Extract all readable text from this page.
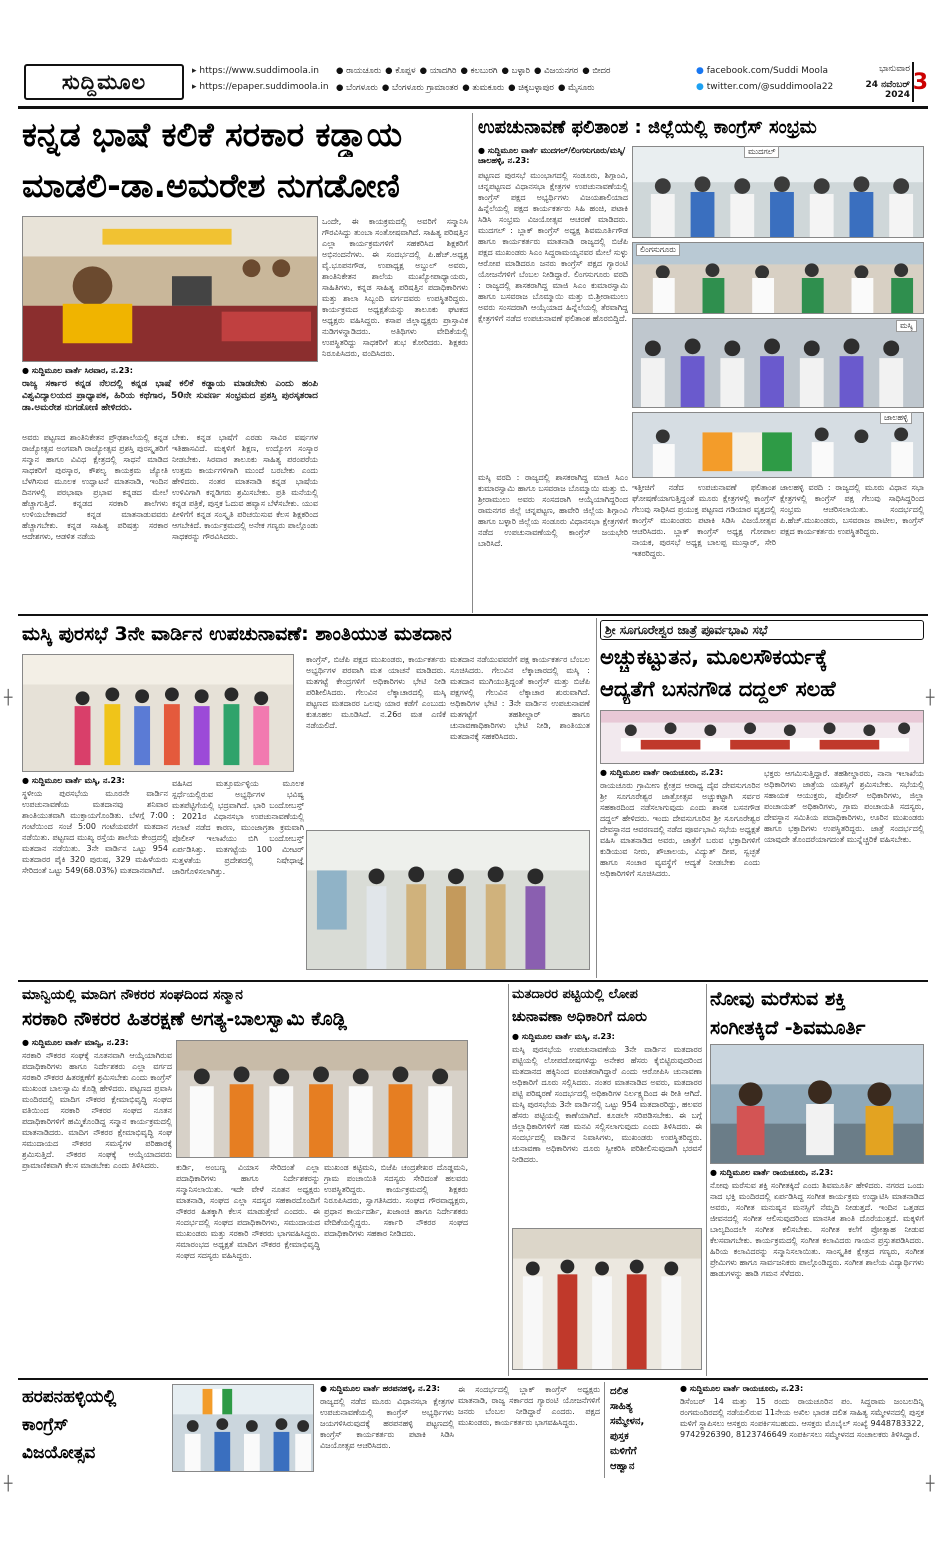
ಸುದ್ದಿಮೂಲ	▸ https://www.suddimoola.in
▸ https://epaper.suddimoola.in
● ರಾಯಚೂರು ● ಕೊಪ್ಪಳ ● ಯಾದಗಿರಿ ● ಕಲಬುರಗಿ ● ಬಳ್ಳಾರಿ ● ವಿಜಯನಗರ ● ಬೀದರ
● ಬೆಂಗಳೂರು ● ಬೆಂಗಳೂರು ಗ್ರಾಮಾಂತರ ● ತುಮಕೂರು ● ಚಿಕ್ಕಬಳ್ಳಾಪುರ ● ಮೈಸೂರು
● facebook.com/Suddi Moola
● twitter.com/@suddimoola22
ಭಾನುವಾರ
24 ನವೆಂಬರ್ 2024
3
ಕನ್ನಡ ಭಾಷೆ ಕಲಿಕೆ ಸರಕಾರ ಕಡ್ಡಾಯ
ಮಾಡಲಿ-ಡಾ.ಅಮರೇಶ ನುಗಡೋಣಿ
● ಸುದ್ದಿಮೂಲ ವಾರ್ತೆ ಸಿರವಾರ, ನ.23:
ರಾಜ್ಯ ಸರ್ಕಾರ ಕನ್ನಡ ನೆಲದಲ್ಲಿ ಕನ್ನಡ ಭಾಷೆ ಕಲಿಕೆ ಕಡ್ಡಾಯ ಮಾಡಬೇಕು ಎಂದು ಹಂಪಿ ವಿಶ್ವವಿದ್ಯಾಲಯದ ಪ್ರಾಧ್ಯಾಪಕ, ಹಿರಿಯ ಕಥೆಗಾರ, 50ನೇ ಸುವರ್ಣ ಸಂಭ್ರಮದ ಪ್ರಶಸ್ತಿ ಪುರಸ್ಕತರಾದ ಡಾ.ಅಮರೇಶ ನುಗಡೋಣಿ ಹೇಳಿದರು.
ಅವರು ಪಟ್ಟಣದ ಶಾಂತಿನಿಕೇತನ ಪ್ರೌಢಶಾಲೆಯಲ್ಲಿ ಕನ್ನಡ ರಾಜ್ಯೋತ್ಸವ ಅಂಗವಾಗಿ ರಾಜ್ಯೋತ್ಸವ ಪ್ರಶಸ್ತಿ ಪುರಸ್ಕೃತರಿಗೆ ಸನ್ಮಾನ ಹಾಗೂ ವಿವಿಧ ಕ್ಷೇತ್ರದಲ್ಲಿ ಸಾಧನೆ ಮಾಡಿದ ಸಾಧಕರಿಗೆ ಪುರಸ್ಕಾರ, ಕೌಶಲ್ಯ ಕಾಯಕ್ರಮ ಜ್ಯೋತಿ ಬೆಳಗಿಸುವ ಮೂಲಕ ಉದ್ಘಾಟನೆ ಮಾತನಾಡಿ, ಇಂದಿನ ದಿನಗಳಲ್ಲಿ ಪರಭಾಷಾ ಪ್ರಭಾವ ಕನ್ನಡದ ಮೇಲೆ ಹೆಚ್ಚಾಗುತ್ತಿದೆ. ಕನ್ನಡದ ಸರಕಾರಿ ಶಾಲೆಗಳು ಉಳಿಯಬೇಕಾದರೆ ಕನ್ನಡ ಮಾತನಾಡುವವರು ಹೆಚ್ಚಾಗಬೇಕು. ಕನ್ನಡ ಸಾಹಿತ್ಯ ಪರಿಷತ್ತು ಸರಕಾರ ಆದೇಶಗಳು, ಆಡಳಿತ ನಡೆಯ
ಬೇಕು. ಕನ್ನಡ ಭಾಷೆಗೆ ಎರಡು ಸಾವಿರ ವರ್ಷಗಳ ಇತಿಹಾಸವಿದೆ. ಮಕ್ಕಳಿಗೆ ಶಿಕ್ಷಣ, ಉದ್ಯೋಗ ಸಂಸ್ಕಾರ ನೀಡಬೇಕು. ಸಿರವಾರ ತಾಲೂಕು ಸಾಹಿತ್ಯ ಪರಂಪರೆಯ ಉತ್ತಮ ಕಾರ್ಯಗಳಿಗಾಗಿ ಮುಂದೆ ಬರಬೇಕು ಎಂದು ಹೇಳಿದರು. ನಂತರ ಮಾತನಾಡಿ ಕನ್ನಡ ಭಾಷೆಯ ಉಳಿವಿಗಾಗಿ ಕನ್ನಡಿಗರು ಶ್ರಮಿಸಬೇಕು. ಪ್ರತಿ ಮನೆಯಲ್ಲಿ ಕನ್ನಡ ಪತ್ರಿಕೆ, ಪುಸ್ತಕ ಓದುವ ಹವ್ಯಾಸ ಬೆಳೆಸಬೇಕು. ಯುವ ಪೀಳಿಗೆಗೆ ಕನ್ನಡ ಸಂಸ್ಕೃತಿ ಪರಿಚಯಿಸುವ ಕೆಲಸ ಶಿಕ್ಷಕರಿಂದ ಆಗಬೇಕಿದೆ. ಕಾರ್ಯಕ್ರಮದಲ್ಲಿ ಅನೇಕ ಗಣ್ಯರು ಪಾಲ್ಗೊಂಡು ಸಾಧಕರನ್ನು ಗೌರವಿಸಿದರು.
ಒಂದೇ, ಈ ಕಾಯಕ್ರಮದಲ್ಲಿ ಅವರಿಗೆ ಸನ್ಮಾನಿಸಿ ಗೌರವಿಸಿದ್ದು ತುಂಬಾ ಸಂತೋಷವಾಗಿದೆ. ಸಾಹಿತ್ಯ ಪರಿಷತ್ತಿನ ಎಲ್ಲಾ ಕಾರ್ಯಕ್ರಮಗಳಿಗೆ ಸಹಕರಿಸಿದ ಶಿಕ್ಷಕರಿಗೆ ಅಭಿನಂದನೆಗಳು. ಈ ಸಂದರ್ಭದಲ್ಲಿ ಪಿ.ಹೆಚ್.ಅಧ್ಯಕ್ಷ ವೈ.ಭೂಪನಗೌಡ, ಉಪಾಧ್ಯಕ್ಷ ಅಬ್ದುಲ್ ಅವರು, ಶಾಂತಿನಿಕೇತನ ಶಾಲೆಯ ಮುಖ್ಯೋಪಾಧ್ಯಾಯರು, ಸಾಹಿತಿಗಳು, ಕನ್ನಡ ಸಾಹಿತ್ಯ ಪರಿಷತ್ತಿನ ಪದಾಧಿಕಾರಿಗಳು ಮತ್ತು ಶಾಲಾ ಸಿಬ್ಬಂದಿ ವರ್ಗದವರು ಉಪಸ್ಥಿತರಿದ್ದರು. ಕಾರ್ಯಕ್ರಮದ ಅಧ್ಯಕ್ಷತೆಯನ್ನು ತಾಲೂಕು ಘಟಕದ ಅಧ್ಯಕ್ಷರು ವಹಿಸಿದ್ದರು. ಕಸಾಪ ಜಿಲ್ಲಾಧ್ಯಕ್ಷರು ಪ್ರಾಸ್ತಾವಿಕ ನುಡಿಗಳನ್ನಾಡಿದರು. ಅತಿಥಿಗಳು ವೇದಿಕೆಯಲ್ಲಿ ಉಪಸ್ಥಿತರಿದ್ದು ಸಾಧಕರಿಗೆ ಶುಭ ಕೋರಿದರು. ಶಿಕ್ಷಕರು ನಿರೂಪಿಸಿದರು, ವಂದಿಸಿದರು.
ಉಪಚುನಾವಣೆ ಫಲಿತಾಂಶ : ಜಿಲ್ಲೆಯಲ್ಲಿ ಕಾಂಗ್ರೆಸ್ ಸಂಭ್ರಮ
● ಸುದ್ದಿಮೂಲ ವಾರ್ತೆ ಮುದಗಲ್/ಲಿಂಗಸುಗೂರು/ಮಸ್ಕಿ/ಜಾಲಹಳ್ಳಿ, ನ.23:
ಪಟ್ಟಣದ ಪುರಸಭೆ ಮುಂಭಾಗದಲ್ಲಿ ಸಂಡೂರು, ಶಿಗ್ಗಾಂವಿ, ಚನ್ನಪಟ್ಟಣದ ವಿಧಾನಸಭಾ ಕ್ಷೇತ್ರಗಳ ಉಪಚುನಾವಣೆಯಲ್ಲಿ ಕಾಂಗ್ರೆಸ್ ಪಕ್ಷದ ಅಭ್ಯರ್ಥಿಗಳು ವಿಜಯಶಾಲಿಯಾದ ಹಿನ್ನೆಲೆಯಲ್ಲಿ ಪಕ್ಷದ ಕಾರ್ಯಕರ್ತರು ಸಿಹಿ ಹಂಚಿ, ಪಟಾಕಿ ಸಿಡಿಸಿ ಸಂಭ್ರಮ ವಿಜಯೋತ್ಸವ ಆಚರಣೆ ಮಾಡಿದರು. ಮುದಗಲ್ : ಬ್ಲಾಕ್ ಕಾಂಗ್ರೆಸ್ ಅಧ್ಯಕ್ಷ ಶಿವಮೂರ್ತಿಗೌಡ ಹಾಗೂ ಕಾರ್ಯಕರ್ತರು ಮಾತನಾಡಿ ರಾಜ್ಯದಲ್ಲಿ ಬಿಜೆಪಿ ಪಕ್ಷದ ಮುಖಂಡರು ಸಿಎಂ ಸಿದ್ದರಾಮಯ್ಯನವರ ಮೇಲೆ ಸುಳ್ಳು ಆರೋಪ ಮಾಡಿದರೂ ಜನರು ಕಾಂಗ್ರೆಸ್ ಪಕ್ಷದ ಗ್ಯಾರಂಟಿ ಯೋಜನೆಗಳಿಗೆ ಬೆಂಬಲ ನೀಡಿದ್ದಾರೆ. ಲಿಂಗಸುಗೂರು ವರದಿ : ರಾಜ್ಯದಲ್ಲಿ ಶಾಸಕರಾಗಿದ್ದ ಮಾಜಿ ಸಿಎಂ ಕುಮಾರಸ್ವಾಮಿ ಹಾಗೂ ಬಸವರಾಜ ಬೊಮ್ಮಾಯಿ ಮತ್ತು ಬಿ.ಶ್ರೀರಾಮುಲು ಅವರು ಸಂಸದರಾಗಿ ಆಯ್ಕೆಯಾದ ಹಿನ್ನೆಲೆಯಲ್ಲಿ ತೆರವಾಗಿದ್ದ ಕ್ಷೇತ್ರಗಳಿಗೆ ನಡೆದ ಉಪಚುನಾವಣೆ ಫಲಿತಾಂಶ ಹೊರಬಿದ್ದಿದೆ.
ಮಸ್ಕಿ ವರದಿ : ರಾಜ್ಯದಲ್ಲಿ ಶಾಸಕರಾಗಿದ್ದ ಮಾಜಿ ಸಿಎಂ ಕುಮಾರಸ್ವಾಮಿ ಹಾಗೂ ಬಸವರಾಜ ಬೊಮ್ಮಾಯಿ ಮತ್ತು ಬಿ. ಶ್ರೀರಾಮುಲು ಅವರು ಸಂಸದರಾಗಿ ಆಯ್ಕೆಯಾಗಿದ್ದರಿಂದ ರಾಮನಗರ ಜಿಲ್ಲೆ ಚನ್ನಪಟ್ಟಣ, ಹಾವೇರಿ ಜಿಲ್ಲೆಯ ಶಿಗ್ಗಾಂವಿ ಹಾಗೂ ಬಳ್ಳಾರಿ ಜಿಲ್ಲೆಯ ಸಂಡೂರು ವಿಧಾನಸಭಾ ಕ್ಷೇತ್ರಗಳಿಗೆ ನಡೆದ ಉಪಚುನಾವಣೆಯಲ್ಲಿ ಕಾಂಗ್ರೆಸ್ ಜಯಭೇರಿ ಬಾರಿಸಿದೆ.
ಮುದಗಲ್
ಲಿಂಗಸುಗೂರು
ಮಸ್ಕಿ
ಜಾಲಹಳ್ಳಿ
ಇತ್ತೀಚಿಗೆ ನಡೆದ ಉಪಚುನಾವಣೆ ಫಲಿತಾಂಶ ಘೋಷಣೆಯಾಗುತ್ತಿದ್ದಂತೆ ಮೂರು ಕ್ಷೇತ್ರಗಳಲ್ಲಿ ಕಾಂಗ್ರೆಸ್ ಗೆಲುವು ಸಾಧಿಸಿದ ಪ್ರಯುಕ್ತ ಪಟ್ಟಣದ ಗಡಿಯಾರ ವೃತ್ತದಲ್ಲಿ ಕಾಂಗ್ರೆಸ್ ಮುಖಂಡರು ಪಟಾಕಿ ಸಿಡಿಸಿ ವಿಜಯೋತ್ಸವ ಆಚರಿಸಿದರು. ಬ್ಲಾಕ್ ಕಾಂಗ್ರೆಸ್ ಅಧ್ಯಕ್ಷ ಗೋಪಾಲ ನಾಯಕ, ಪುರಸಭೆ ಅಧ್ಯಕ್ಷ ಬಾಲಪ್ಪ ಮುಸ್ಸಾರ್, ಸೇರಿ ಇತರರಿದ್ದರು.
ಜಾಲಹಳ್ಳಿ ವರದಿ : ರಾಜ್ಯದಲ್ಲಿ ಮೂರು ವಿಧಾನ ಸಭಾ ಕ್ಷೇತ್ರಗಳಲ್ಲಿ ಕಾಂಗ್ರೆಸ್ ಪಕ್ಷ ಗೆಲುವು ಸಾಧಿಸಿದ್ದರಿಂದ ಸಂಭ್ರಮ ಆಚರಿಸಲಾಯಿತು. ಸಂದರ್ಭದಲ್ಲಿ ಪಿ.ಹೆಚ್.ಮುಖಂಡರು, ಬಸವರಾಜ ಪಾಟೀಲ, ಕಾಂಗ್ರೆಸ್ ಪಕ್ಷದ ಕಾರ್ಯಕರ್ತರು ಉಪಸ್ಥಿತರಿದ್ದರು.
ಮಸ್ಕಿ ಪುರಸಭೆ 3ನೇ ವಾರ್ಡಿನ ಉಪಚುನಾವಣೆ: ಶಾಂತಿಯುತ ಮತದಾನ
● ಸುದ್ದಿಮೂಲ ವಾರ್ತೆ ಮಸ್ಕಿ, ನ.23:
ಸ್ಥಳೀಯ ಪುರಸಭೆಯ ಮೂರನೇ ವಾರ್ಡಿನ ಉಪಚುನಾವಣೆಯ ಮತದಾನವು ಶನಿವಾರ ಶಾಂತಿಯುತವಾಗಿ ಮುಕ್ತಾಯಗೊಂಡಿತು. ಬೆಳಗ್ಗೆ 7:00 ಗಂಟೆಯಿಂದ ಸಂಜೆ 5:00 ಗಂಟೆಯವರೆಗೆ ಮತದಾನ ನಡೆಯಿತು. ಪಟ್ಟಣದ ಮುಖ್ಯ ರಸ್ತೆಯ ಶಾಲೆಯ ಕೇಂದ್ರದಲ್ಲಿ ಮತದಾನ ನಡೆಯಿತು. 3ನೇ ವಾರ್ಡಿನ ಒಟ್ಟು 954 ಮತದಾರರ ಪೈಕಿ 320 ಪುರುಷ, 329 ಮಹಿಳೆಯರು ಸೇರಿದಂತೆ ಒಟ್ಟು 549(68.03%) ಮತದಾನವಾಗಿದೆ.
ವಹಿಸಿದ ಮತ್ತೂರ್ಮಳ್ಳಿಯ ಮೂಲಕ ಸ್ಪರ್ಧೆಯಲ್ಲಿರುವ ಅಭ್ಯರ್ಥಿಗಳ ಭವಿಷ್ಯ ಮತಪೆಟ್ಟಿಗೆಯಲ್ಲಿ ಭದ್ರವಾಗಿದೆ. ಭಾರಿ ಬಂದೋಬಸ್ತ್ : 2021ರ ವಿಧಾನಸಭಾ ಉಪಚುನಾವಣೆಯಲ್ಲಿ ಗಲಾಟೆ ನಡೆದ ಕಾರಣ, ಮುಂಜಾಗ್ರತಾ ಕ್ರಮವಾಗಿ ಪೊಲೀಸ್ ಇಲಾಖೆಯು ಬಿಗಿ ಬಂದೋಬಸ್ತ್ ಏರ್ಪಡಿಸಿತ್ತು. ಮತಗಟ್ಟೆಯ 100 ಮೀಟರ್ ಸುತ್ತಳತೆಯ ಪ್ರದೇಶದಲ್ಲಿ ನಿಷೇಧಾಜ್ಞೆ ಜಾರಿಗೊಳಿಸಲಾಗಿತ್ತು.
ಕಾಂಗ್ರೆಸ್, ಬಿಜೆಪಿ ಪಕ್ಷದ ಮುಖಂಡರು, ಕಾರ್ಯಕರ್ತರು ಅಭ್ಯರ್ಥಿಗಳ ಪರವಾಗಿ ಮತ ಯಾಚನೆ ಮಾಡಿದರು. ಮತಗಟ್ಟೆ ಕೇಂದ್ರಗಳಿಗೆ ಅಧಿಕಾರಿಗಳು ಭೇಟಿ ನೀಡಿ ಪರಿಶೀಲಿಸಿದರು. ಗೆಲುವಿನ ಲೆಕ್ಕಾಚಾರದಲ್ಲಿ ಮಸ್ಕಿ ಪಟ್ಟಣದ ಮತದಾರರ ಒಲವು ಯಾರ ಕಡೆಗೆ ಎಂಬುದು ಕುತೂಹಲ ಮೂಡಿಸಿದೆ. ನ.26ರ ಮತ ಎಣಿಕೆ ನಡೆಯಲಿದೆ.
ಮತದಾನ ನಡೆಯುವವರೆಗೆ ಪಕ್ಷ ಕಾರ್ಯಕರ್ತರ ಬೆಂಬಲ ಸೂಚಿಸಿದರು. ಗೆಲುವಿನ ಲೆಕ್ಕಾಚಾರದಲ್ಲಿ ಮಸ್ಕಿ : ಮತದಾನ ಮುಗಿಯುತ್ತಿದ್ದಂತೆ ಕಾಂಗ್ರೆಸ್ ಮತ್ತು ಬಿಜೆಪಿ ಪಕ್ಷಗಳಲ್ಲಿ ಗೆಲುವಿನ ಲೆಕ್ಕಾಚಾರ ಶುರುವಾಗಿದೆ. ಅಧಿಕಾರಿಗಳ ಭೇಟಿ : 3ನೇ ವಾರ್ಡಿನ ಉಪಚುನಾವಣೆ ಮತಗಟ್ಟೆಗೆ ತಹಶೀಲ್ದಾರ್ ಹಾಗೂ ಚುನಾವಣಾಧಿಕಾರಿಗಳು ಭೇಟಿ ನೀಡಿ, ಶಾಂತಿಯುತ ಮತದಾನಕ್ಕೆ ಸಹಕರಿಸಿದರು.
ಶ್ರೀ ಸೂಗೂರೇಶ್ವರ ಜಾತ್ರೆ ಪೂರ್ವಭಾವಿ ಸಭೆ
ಅಚ್ಚುಕಟ್ಟುತನ, ಮೂಲಸೌಕರ್ಯಕ್ಕೆ
ಆದ್ಯತೆಗೆ ಬಸನಗೌಡ ದದ್ದಲ್ ಸಲಹೆ
● ಸುದ್ದಿಮೂಲ ವಾರ್ತೆ ರಾಯಚೂರು, ನ.23:
ರಾಯಚೂರು ಗ್ರಾಮೀಣ ಕ್ಷೇತ್ರದ ಆರಾಧ್ಯ ದೈವ ದೇವಸುಗೂರಿನ ಶ್ರೀ ಸೂಗೂರೇಶ್ವರ ಜಾತ್ರೋತ್ಸವ ಅಚ್ಚುಕಟ್ಟಾಗಿ ಸರ್ವರ ಸಹಕಾರದಿಂದ ನಡೆಸಲಾಗುವುದು ಎಂದು ಶಾಸಕ ಬಸನಗೌಡ ದದ್ದಲ್ ಹೇಳಿದರು. ಇಂದು ದೇವಸುಗೂರಿನ ಶ್ರೀ ಸೂಗೂರೇಶ್ವರ ದೇವಸ್ಥಾನದ ಆವರಣದಲ್ಲಿ ನಡೆದ ಪೂರ್ವಭಾವಿ ಸಭೆಯ ಅಧ್ಯಕ್ಷತೆ ವಹಿಸಿ ಮಾತನಾಡಿದ ಅವರು, ಜಾತ್ರೆಗೆ ಬರುವ ಭಕ್ತಾದಿಗಳಿಗೆ ಕುಡಿಯುವ ನೀರು, ಶೌಚಾಲಯ, ವಿದ್ಯುತ್ ದೀಪ, ಸ್ವಚ್ಛತೆ ಹಾಗೂ ಸಂಚಾರ ವ್ಯವಸ್ಥೆಗೆ ಆದ್ಯತೆ ನೀಡಬೇಕು ಎಂದು ಅಧಿಕಾರಿಗಳಿಗೆ ಸೂಚಿಸಿದರು.
ಭಕ್ತರು ಆಗಮಿಸುತ್ತಿದ್ದಾರೆ. ತಹಶೀಲ್ದಾರರು, ನಾನಾ ಇಲಾಖೆಯ ಅಧಿಕಾರಿಗಳು ಜಾತ್ರೆಯ ಯಶಸ್ಸಿಗೆ ಶ್ರಮಿಸಬೇಕು. ಸಭೆಯಲ್ಲಿ ಸಹಾಯಕ ಆಯುಕ್ತರು, ಪೊಲೀಸ್ ಅಧಿಕಾರಿಗಳು, ಜಿಲ್ಲಾ ಪಂಚಾಯತ್ ಅಧಿಕಾರಿಗಳು, ಗ್ರಾಮ ಪಂಚಾಯತಿ ಸದಸ್ಯರು, ದೇವಸ್ಥಾನ ಸಮಿತಿಯ ಪದಾಧಿಕಾರಿಗಳು, ಊರಿನ ಮುಖಂಡರು ಹಾಗೂ ಭಕ್ತಾದಿಗಳು ಉಪಸ್ಥಿತರಿದ್ದರು. ಜಾತ್ರೆ ಸಂದರ್ಭದಲ್ಲಿ ಯಾವುದೇ ತೊಂದರೆಯಾಗದಂತೆ ಮುನ್ನೆಚ್ಚರಿಕೆ ವಹಿಸಬೇಕು.
ಮಾನ್ವಿಯಲ್ಲಿ ಮಾದಿಗ ನೌಕರರ ಸಂಘದಿಂದ ಸನ್ಮಾನ
ಸರಕಾರಿ ನೌಕರರ ಹಿತರಕ್ಷಣೆ ಅಗತ್ಯ-ಬಾಲಸ್ವಾಮಿ ಕೊಡ್ಲಿ
● ಸುದ್ದಿಮೂಲ ವಾರ್ತೆ ಮಾನ್ವಿ, ನ.23:
ಸರಕಾರಿ ನೌಕರರ ಸಂಘಕ್ಕೆ ನೂತನವಾಗಿ ಆಯ್ಕೆಯಾಗಿರುವ ಪದಾಧಿಕಾರಿಗಳು ಹಾಗೂ ನಿರ್ದೇಶಕರು ಎಲ್ಲಾ ವರ್ಗದ ಸರಕಾರಿ ನೌಕರರ ಹಿತರಕ್ಷಣೆಗೆ ಶ್ರಮಿಸಬೇಕು ಎಂದು ಕಾಂಗ್ರೆಸ್ ಮುಖಂಡ ಬಾಲಸ್ವಾಮಿ ಕೊಡ್ಲಿ ಹೇಳಿದರು. ಪಟ್ಟಣದ ಪ್ರವಾಸಿ ಮಂದಿರದಲ್ಲಿ ಮಾದಿಗ ನೌಕರರ ಕ್ಷೇಮಾಭಿವೃದ್ಧಿ ಸಂಘದ ವತಿಯಿಂದ ಸರಕಾರಿ ನೌಕರರ ಸಂಘದ ನೂತನ ಪದಾಧಿಕಾರಿಗಳಿಗೆ ಹಮ್ಮಿಕೊಂಡಿದ್ದ ಸನ್ಮಾನ ಕಾರ್ಯಕ್ರಮದಲ್ಲಿ ಮಾತನಾಡಿದರು. ಮಾದಿಗ ನೌಕರರ ಕ್ಷೇಮಾಭಿವೃದ್ಧಿ ಸಂಘ ಸಮುದಾಯದ ನೌಕರರ ಸಮಸ್ಯೆಗಳ ಪರಿಹಾರಕ್ಕೆ ಶ್ರಮಿಸುತ್ತಿದೆ. ನೌಕರರ ಸಂಘಕ್ಕೆ ಆಯ್ಕೆಯಾದವರು ಪ್ರಾಮಾಣಿಕವಾಗಿ ಕೆಲಸ ಮಾಡಬೇಕು ಎಂದು ತಿಳಿಸಿದರು.	ಕುರ್ಡಿ, ಅಂಬಣ್ಣ ವಿಯಾಸ ಸೇರಿದಂತೆ ಎಲ್ಲಾ ಪದಾಧಿಕಾರಿಗಳು ಹಾಗೂ ನಿರ್ದೇಶಕರನ್ನು ಸನ್ಮಾನಿಸಲಾಯಿತು. ಇದೇ ವೇಳೆ ನೂತನ ಅಧ್ಯಕ್ಷರು ಮಾತನಾಡಿ, ಸಂಘದ ಎಲ್ಲಾ ಸದಸ್ಯರ ಸಹಕಾರದೊಂದಿಗೆ ನೌಕರರ ಹಿತಕ್ಕಾಗಿ ಕೆಲಸ ಮಾಡುತ್ತೇವೆ ಎಂದರು. ಈ ಸಂದರ್ಭದಲ್ಲಿ ಸಂಘದ ಪದಾಧಿಕಾರಿಗಳು, ಸಮುದಾಯದ ಮುಖಂಡರು ಮತ್ತು ಸರಕಾರಿ ನೌಕರರು ಭಾಗವಹಿಸಿದ್ದರು. ಸಮಾರಂಭದ ಅಧ್ಯಕ್ಷತೆ ಮಾದಿಗ ನೌಕರರ ಕ್ಷೇಮಾಭಿವೃದ್ಧಿ ಸಂಘದ ಸದಸ್ಯರು ವಹಿಸಿದ್ದರು.
ಮುಖಂಡ ಕಟ್ಟಿಮನಿ, ಬಿಜೆಪಿ ಚಂದ್ರಶೇಖರ ದೊಡ್ಡಮನಿ, ಗ್ರಾಮ ಪಂಚಾಯಿತಿ ಸದಸ್ಯರು ಸೇರಿದಂತೆ ಹಲವರು ಉಪಸ್ಥಿತರಿದ್ದರು. ಕಾರ್ಯಕ್ರಮದಲ್ಲಿ ಶಿಕ್ಷಕರು ನಿರೂಪಿಸಿದರು, ಸ್ವಾಗತಿಸಿದರು. ಸಂಘದ ಗೌರವಾಧ್ಯಕ್ಷರು, ಪ್ರಧಾನ ಕಾರ್ಯದರ್ಶಿ, ಖಜಾಂಚಿ ಹಾಗೂ ನಿರ್ದೇಶಕರು ವೇದಿಕೆಯಲ್ಲಿದ್ದರು. ಸರ್ಕಾರಿ ನೌಕರರ ಸಂಘದ ಪದಾಧಿಕಾರಿಗಳು ಸಹಕಾರ ನೀಡಿದರು.
ಮತದಾರರ ಪಟ್ಟಿಯಲ್ಲಿ ಲೋಪ
ಚುನಾವಣಾ ಅಧಿಕಾರಿಗೆ ದೂರು
● ಸುದ್ದಿಮೂಲ ವಾರ್ತೆ ಮಸ್ಕಿ, ನ.23:
ಮಸ್ಕಿ ಪುರಸಭೆಯ ಉಪಚುನಾವಣೆಯ 3ನೇ ವಾರ್ಡಿನ ಮತದಾರರ ಪಟ್ಟಿಯಲ್ಲಿ ಲೋಪದೋಷಗಳಿದ್ದು ಅನೇಕರ ಹೆಸರು ಕೈಬಿಟ್ಟಿರುವುದರಿಂದ ಮತದಾನದ ಹಕ್ಕಿನಿಂದ ವಂಚಿತರಾಗಿದ್ದಾರೆ ಎಂದು ಆರೋಪಿಸಿ ಚುನಾವಣಾ ಅಧಿಕಾರಿಗೆ ದೂರು ಸಲ್ಲಿಸಿದರು. ನಂತರ ಮಾತನಾಡಿದ ಅವರು, ಮತದಾರರ ಪಟ್ಟಿ ಪರಿಷ್ಕರಣೆ ಸಂದರ್ಭದಲ್ಲಿ ಅಧಿಕಾರಿಗಳ ನಿರ್ಲಕ್ಷ್ಯದಿಂದ ಈ ರೀತಿ ಆಗಿದೆ. ಮಸ್ಕಿ ಪುರಸಭೆಯ 3ನೇ ವಾರ್ಡಿನಲ್ಲಿ ಒಟ್ಟು 954 ಮತದಾರರಿದ್ದು, ಹಲವರ ಹೆಸರು ಪಟ್ಟಿಯಲ್ಲಿ ಕಾಣೆಯಾಗಿದೆ. ಕೂಡಲೇ ಸರಿಪಡಿಸಬೇಕು. ಈ ಬಗ್ಗೆ ಜಿಲ್ಲಾಧಿಕಾರಿಗಳಿಗೆ ಸಹ ಮನವಿ ಸಲ್ಲಿಸಲಾಗುವುದು ಎಂದು ತಿಳಿಸಿದರು. ಈ ಸಂದರ್ಭದಲ್ಲಿ ವಾರ್ಡಿನ ನಿವಾಸಿಗಳು, ಮುಖಂಡರು ಉಪಸ್ಥಿತರಿದ್ದರು. ಚುನಾವಣಾ ಅಧಿಕಾರಿಗಳು ದೂರು ಸ್ವೀಕರಿಸಿ ಪರಿಶೀಲಿಸುವುದಾಗಿ ಭರವಸೆ ನೀಡಿದರು.
ನೋವು ಮರೆಸುವ ಶಕ್ತಿ
ಸಂಗೀತಕ್ಕಿದೆ -ಶಿವಮೂರ್ತಿ
● ಸುದ್ದಿಮೂಲ ವಾರ್ತೆ ರಾಯಚೂರು, ನ.23:
ನೋವು ಮರೆಸುವ ಶಕ್ತಿ ಸಂಗೀತಕ್ಕಿದೆ ಎಂದು ಶಿವಮೂರ್ತಿ ಹೇಳಿದರು. ನಗರದ ಒಂದು ನಾದ ಭಕ್ತಿ ಮಂದಿರದಲ್ಲಿ ಏರ್ಪಡಿಸಿದ್ದ ಸಂಗೀತ ಕಾರ್ಯಕ್ರಮ ಉದ್ಘಾಟಿಸಿ ಮಾತನಾಡಿದ ಅವರು, ಸಂಗೀತ ಮನುಷ್ಯನ ಮನಸ್ಸಿಗೆ ನೆಮ್ಮದಿ ನೀಡುತ್ತದೆ. ಇಂದಿನ ಒತ್ತಡದ ಜೀವನದಲ್ಲಿ ಸಂಗೀತ ಆಲಿಸುವುದರಿಂದ ಮಾನಸಿಕ ಶಾಂತಿ ದೊರೆಯುತ್ತದೆ. ಮಕ್ಕಳಿಗೆ ಬಾಲ್ಯದಿಂದಲೇ ಸಂಗೀತ ಕಲಿಸಬೇಕು. ಸಂಗೀತ ಕಲೆಗೆ ಪ್ರೋತ್ಸಾಹ ನೀಡುವ ಕೆಲಸವಾಗಬೇಕು. ಕಾರ್ಯಕ್ರಮದಲ್ಲಿ ಸಂಗೀತ ಕಲಾವಿದರು ಗಾಯನ ಪ್ರಸ್ತುತಪಡಿಸಿದರು. ಹಿರಿಯ ಕಲಾವಿದರನ್ನು ಸನ್ಮಾನಿಸಲಾಯಿತು. ಸಾಂಸ್ಕೃತಿಕ ಕ್ಷೇತ್ರದ ಗಣ್ಯರು, ಸಂಗೀತ ಪ್ರೇಮಿಗಳು ಹಾಗೂ ಸಾರ್ವಜನಿಕರು ಪಾಲ್ಗೊಂಡಿದ್ದರು. ಸಂಗೀತ ಶಾಲೆಯ ವಿದ್ಯಾರ್ಥಿಗಳು ಹಾಡುಗಳನ್ನು ಹಾಡಿ ಗಮನ ಸೆಳೆದರು.
ಹರಪನಹಳ್ಳಿಯಲ್ಲಿ
ಕಾಂಗ್ರೆಸ್
ವಿಜಯೋತ್ಸವ
● ಸುದ್ದಿಮೂಲ ವಾರ್ತೆ ಹರಪನಹಳ್ಳಿ, ನ.23:
ರಾಜ್ಯದಲ್ಲಿ ನಡೆದ ಮೂರು ವಿಧಾನಸಭಾ ಕ್ಷೇತ್ರಗಳ ಉಪಚುನಾವಣೆಯಲ್ಲಿ ಕಾಂಗ್ರೆಸ್ ಅಭ್ಯರ್ಥಿಗಳು ಜಯಗಳಿಸಿರುವುದಕ್ಕೆ ಹರಪನಹಳ್ಳಿ ಪಟ್ಟಣದಲ್ಲಿ ಕಾಂಗ್ರೆಸ್ ಕಾರ್ಯಕರ್ತರು ಪಟಾಕಿ ಸಿಡಿಸಿ ವಿಜಯೋತ್ಸವ ಆಚರಿಸಿದರು.
ಈ ಸಂದರ್ಭದಲ್ಲಿ ಬ್ಲಾಕ್ ಕಾಂಗ್ರೆಸ್ ಅಧ್ಯಕ್ಷರು ಮಾತನಾಡಿ, ರಾಜ್ಯ ಸರ್ಕಾರದ ಗ್ಯಾರಂಟಿ ಯೋಜನೆಗಳಿಗೆ ಜನರು ಬೆಂಬಲ ನೀಡಿದ್ದಾರೆ ಎಂದರು. ಪಕ್ಷದ ಮುಖಂಡರು, ಕಾರ್ಯಕರ್ತರು ಭಾಗವಹಿಸಿದ್ದರು.
ದಲಿತ
ಸಾಹಿತ್ಯ
ಸಮ್ಮೇಳನ,
ಪುಸ್ತಕ
ಮಳಿಗೆಗೆ
ಆಹ್ವಾನ
● ಸುದ್ದಿಮೂಲ ವಾರ್ತೆ ರಾಯಚೂರು, ನ.23:
ಡಿಸೆಂಬರ್ 14 ಮತ್ತು 15 ರಂದು ರಾಯಚೂರಿನ ಪಂ. ಸಿದ್ದರಾಮ ಜಂಬಲದಿನ್ನಿ ರಂಗಮಂದಿರದಲ್ಲಿ ನಡೆಯಲಿರುವ 11ನೇಯ ಅಖಿಲ ಭಾರತ ದಲಿತ ಸಾಹಿತ್ಯ ಸಮ್ಮೇಳನದಲ್ಲಿ ಪುಸ್ತಕ ಮಳಿಗೆ ಸ್ಥಾಪಿಸಲು ಆಸಕ್ತರು ಸಂಪರ್ಕಿಸಬಹುದು. ಆಸಕ್ತರು ಮೊಬೈಲ್ ಸಂಖ್ಯೆ 9448783322, 9742926390, 8123746649 ಸಂಪರ್ಕಿಸಲು ಸಮ್ಮೇಳನದ ಸಂಚಾಲಕರು ತಿಳಿಸಿದ್ದಾರೆ.
┼	┼
┼	┼
